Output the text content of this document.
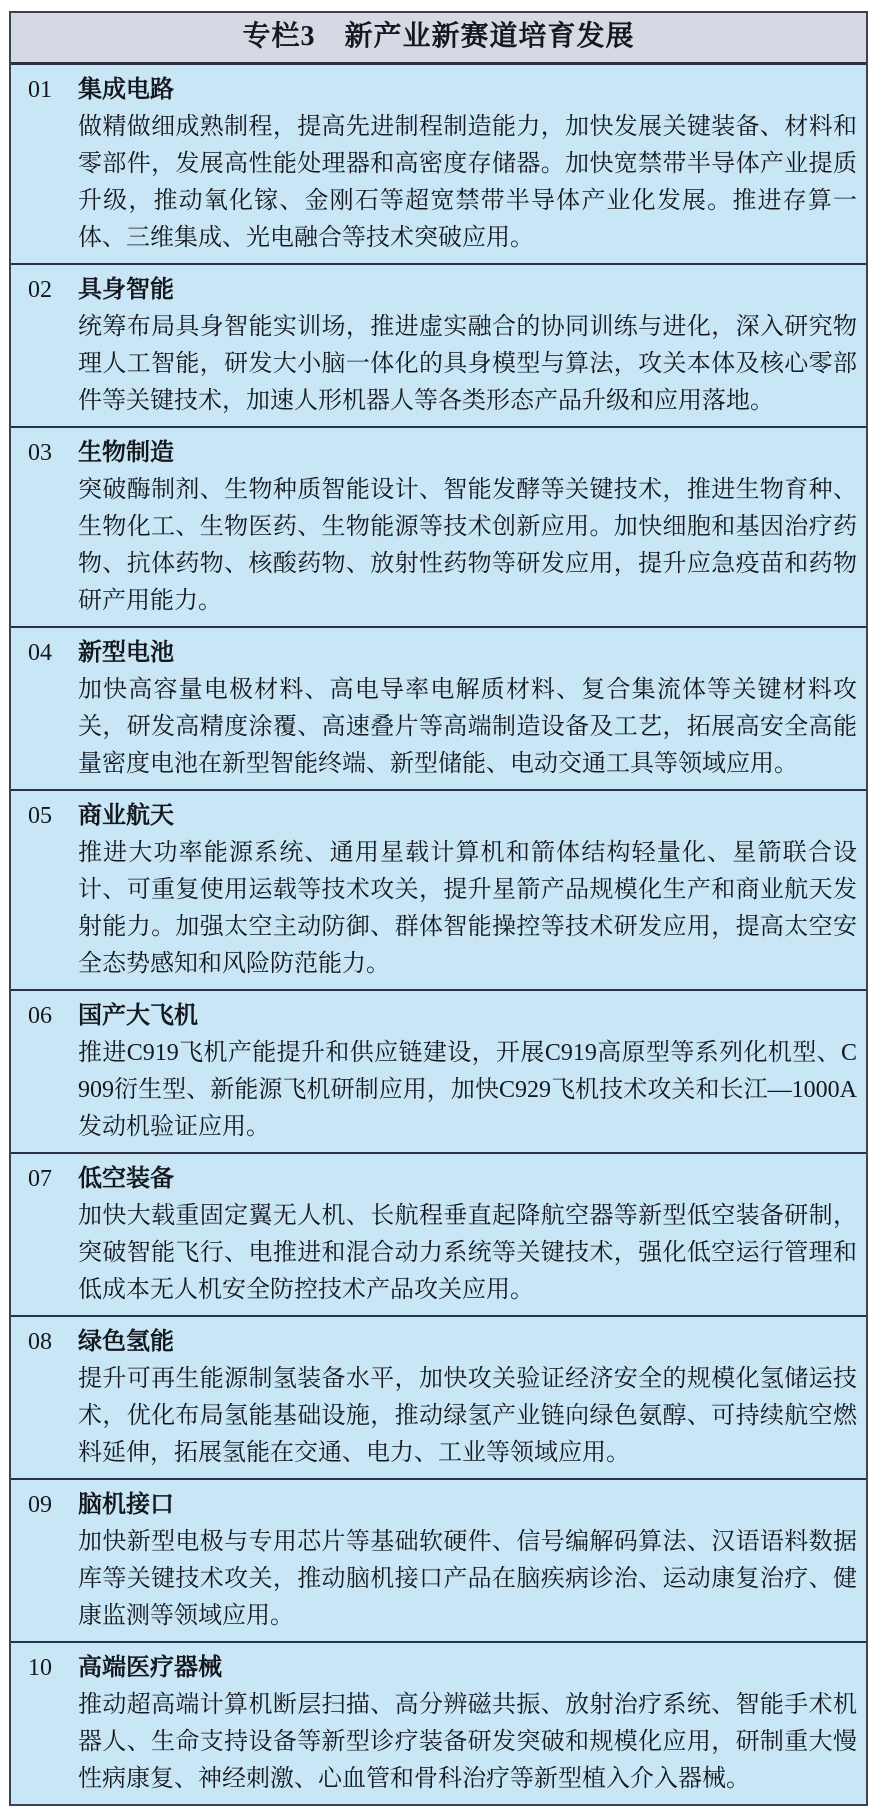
专栏3　新产业新赛道培育发展
01	集成电路

做精做细成熟制程，提高先进制程制造能力，加快发展关键装备、材料和零部件，发展高性能处理器和高密度存储器。加快宽禁带半导体产业提质升级，推动氧化镓、金刚石等超宽禁带半导体产业化发展。推进存算一体、三维集成、光电融合等技术突破应用。

02	具身智能

统筹布局具身智能实训场，推进虚实融合的协同训练与进化，深入研究物理人工智能，研发大小脑一体化的具身模型与算法，攻关本体及核心零部件等关键技术，加速人形机器人等各类形态产品升级和应用落地。

03	生物制造

突破酶制剂、生物种质智能设计、智能发酵等关键技术，推进生物育种、生物化工、生物医药、生物能源等技术创新应用。加快细胞和基因治疗药物、抗体药物、核酸药物、放射性药物等研发应用，提升应急疫苗和药物研产用能力。

04	新型电池

加快高容量电极材料、高电导率电解质材料、复合集流体等关键材料攻关，研发高精度涂覆、高速叠片等高端制造设备及工艺，拓展高安全高能量密度电池在新型智能终端、新型储能、电动交通工具等领域应用。

05	商业航天

推进大功率能源系统、通用星载计算机和箭体结构轻量化、星箭联合设计、可重复使用运载等技术攻关，提升星箭产品规模化生产和商业航天发射能力。加强太空主动防御、群体智能操控等技术研发应用，提高太空安全态势感知和风险防范能力。

06	国产大飞机

推进C919飞机产能提升和供应链建设，开展C919高原型等系列化机型、C909衍生型、新能源飞机研制应用，加快C929飞机技术攻关和长江—1000A发动机验证应用。

07	低空装备

加快大载重固定翼无人机、长航程垂直起降航空器等新型低空装备研制，突破智能飞行、电推进和混合动力系统等关键技术，强化低空运行管理和低成本无人机安全防控技术产品攻关应用。

08	绿色氢能

提升可再生能源制氢装备水平，加快攻关验证经济安全的规模化氢储运技术，优化布局氢能基础设施，推动绿氢产业链向绿色氨醇、可持续航空燃料延伸，拓展氢能在交通、电力、工业等领域应用。

09	脑机接口

加快新型电极与专用芯片等基础软硬件、信号编解码算法、汉语语料数据库等关键技术攻关，推动脑机接口产品在脑疾病诊治、运动康复治疗、健康监测等领域应用。

10	高端医疗器械

推动超高端计算机断层扫描、高分辨磁共振、放射治疗系统、智能手术机器人、生命支持设备等新型诊疗装备研发突破和规模化应用，研制重大慢性病康复、神经刺激、心血管和骨科治疗等新型植入介入器械。
